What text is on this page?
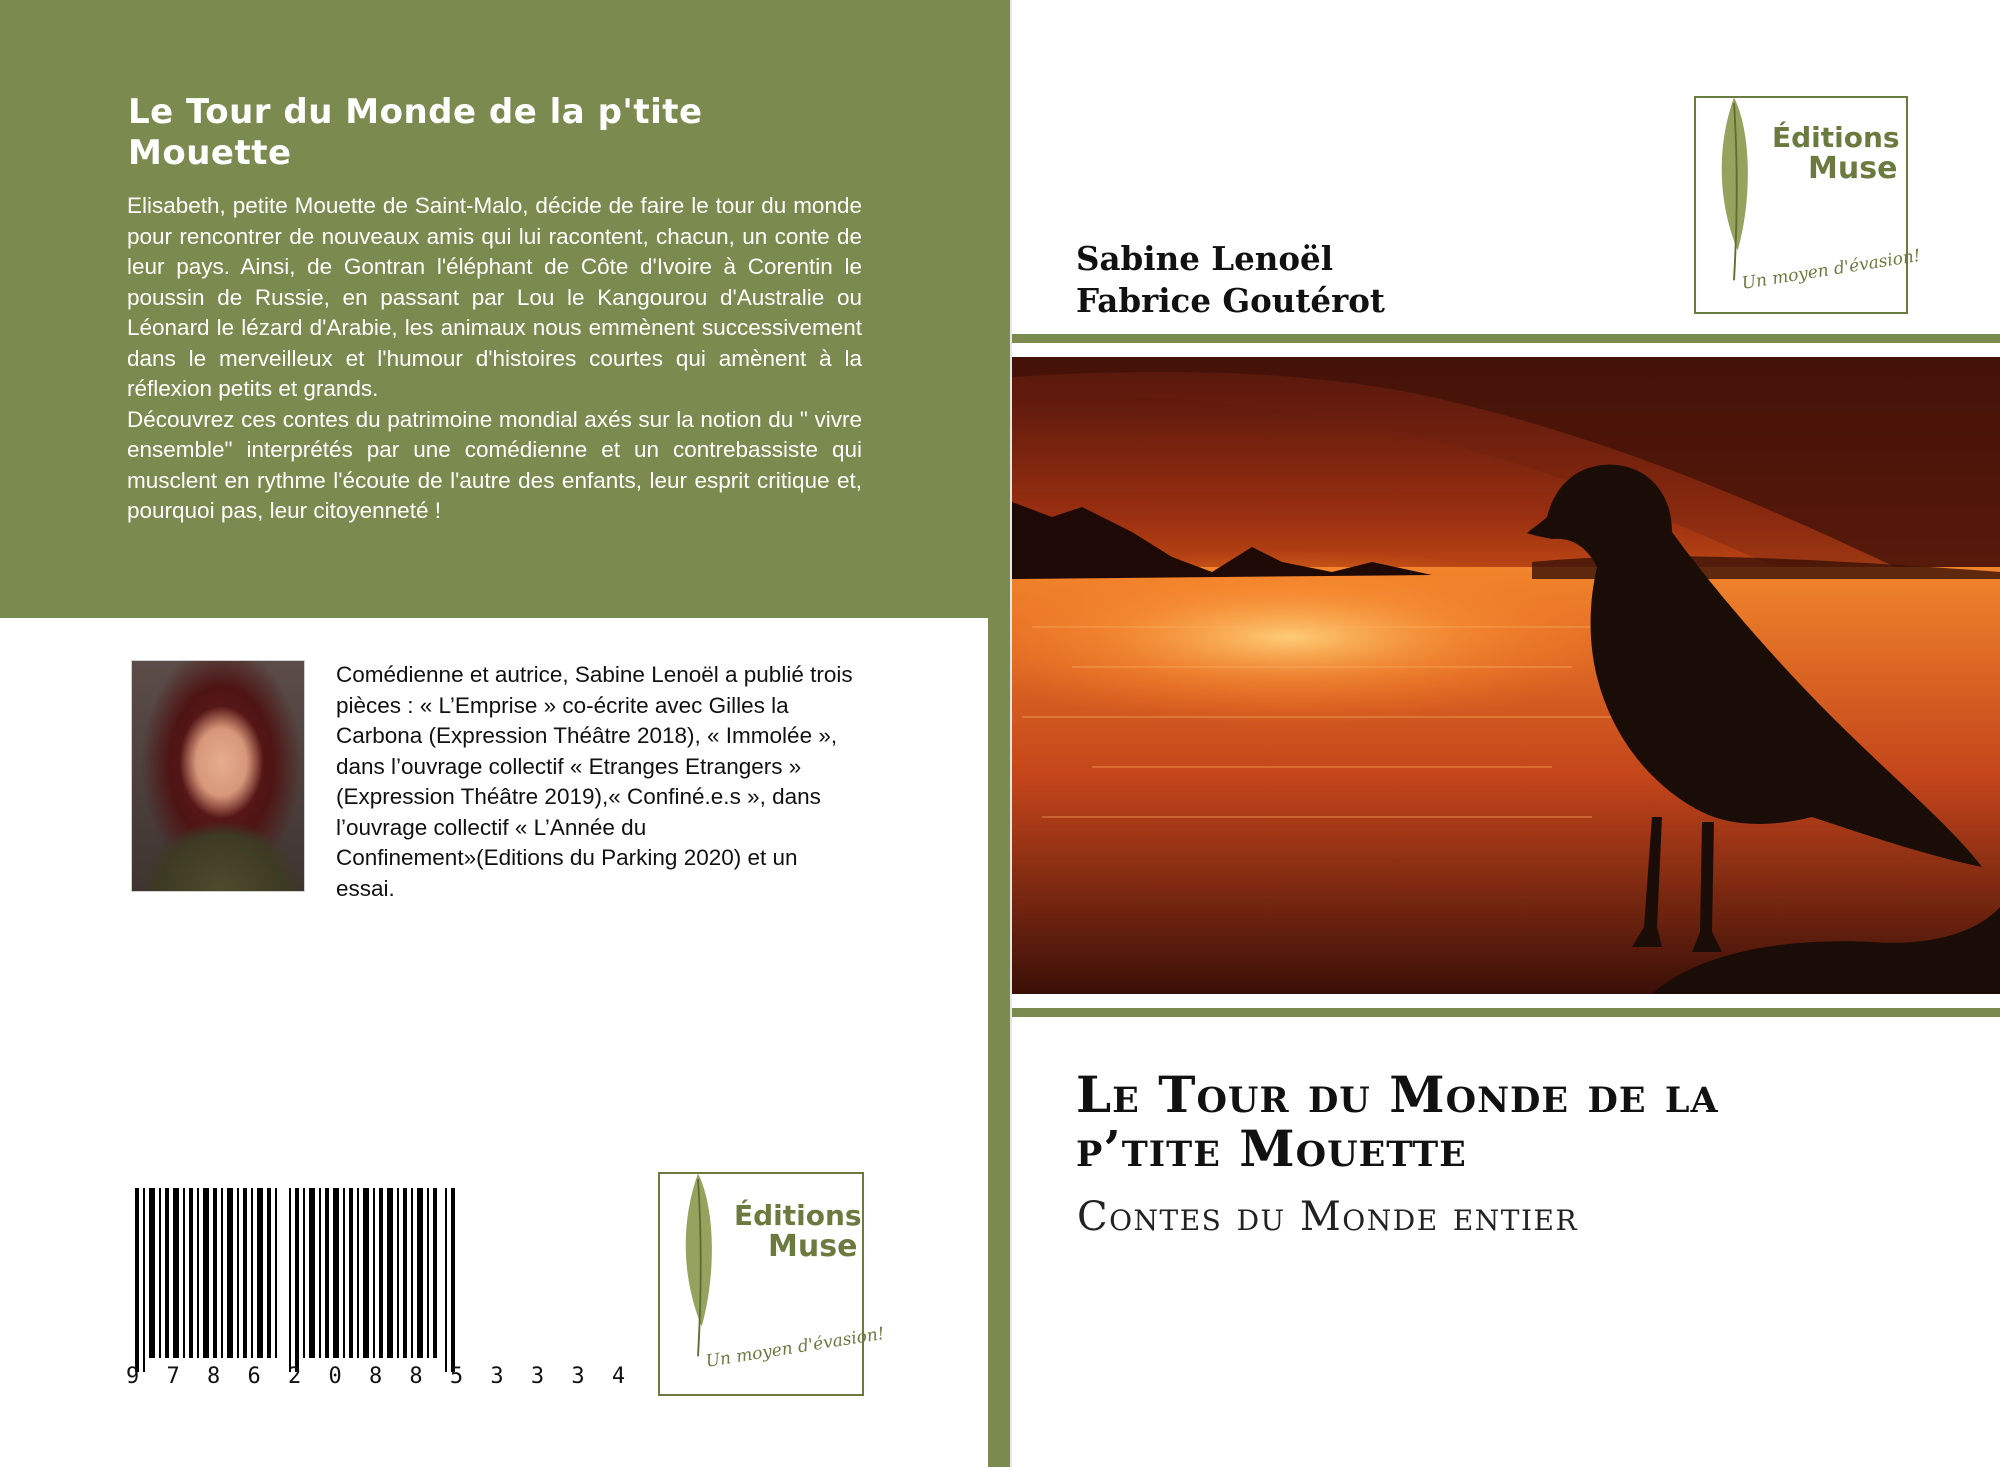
Le Tour du Monde de la p'tite
Mouette

Elisabeth, petite Mouette de Saint-Malo, décide de faire le tour du monde pour rencontrer de nouveaux amis qui lui racontent, chacun, un conte de leur pays. Ainsi, de Gontran l'éléphant de Côte d'Ivoire à Corentin le poussin de Russie, en passant par Lou le Kangourou d'Australie ou Léonard le lézard d'Arabie, les animaux nous emmènent successivement dans le merveilleux et l'humour d'histoires courtes qui amènent à la réflexion petits et grands.

Découvrez ces contes du patrimoine mondial axés sur la notion du " vivre ensemble" interprétés par une comédienne et un contrebassiste qui musclent en rythme l'écoute de l'autre des enfants, leur esprit critique et, pourquoi pas, leur citoyenneté !

Comédienne et autrice, Sabine Lenoël a publié trois pièces : « L’Emprise » co-écrite avec Gilles la Carbona (Expression Théâtre 2018), « Immolée », dans l’ouvrage collectif « Etranges Etrangers » (Expression Théâtre 2019),« Confiné.e.s », dans l’ouvrage collectif « L’Année du Confinement»(Editions du Parking 2020) et un essai.

9 7 8 6 2 0 8 8 5 3 3 3 4
Éditions
Muse
Un moyen d'évasion!
Éditions
Muse
Un moyen d'évasion!
Sabine Lenoël
Fabrice Goutérot
Le Tour du Monde de la
p’tite Mouette
Contes du Monde entier
